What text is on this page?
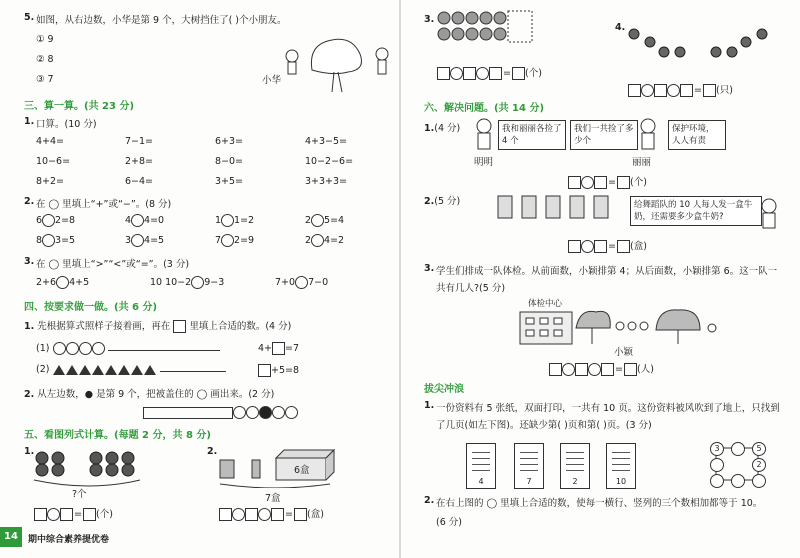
5. 如图，从右边数，小华是第 9 个，大树挡住了( )个小朋友。
① 9
② 8
③ 7	小华
三、算一算。(共 23 分)
1. 口算。(10 分)
4+4=	7−1=	6+3=	4+3−5=
10−6=	2+8=	8−0=	10−2−6=
8+2=	6−4=	3+5=	3+3+3=
2. 在 ◯ 里填上“+”或“−”。(8 分)
6 2=8	4 4=0	1 1=2	2 5=4
8 3=5	3 4=5	7 2=9	2 4=2
3. 在 ◯ 里填上“>”“<”或“=”。(3 分)
2+6 4+5	10 10−2 9−3	7+0 7−0
四、按要求做一做。(共 6 分)
1. 先根据算式照样子接着画，再在 里填上合适的数。(4 分)
(1)	4+ =7
(2)	+5=8
2. 从左边数，● 是第 9 个，把被盖住的 ◯ 画出来。(2 分)
五、看图列式计算。(每题 2 分，共 8 分)
1.
?个
= (个)
2.
6盒
7盒
= (盒)
14	期中综合素养提优卷
3.
= (个)
4.
= (只)
六、解决问题。(共 14 分)
1.(4 分)	我和丽丽各捡了 4 个
我们一共捡了多少个
保护环境，人人有责
明明	丽丽
= (个)
2.(5 分)	给舞蹈队的 10 人每人发一盒牛奶，还需要多少盒牛奶?
= (盒)
3. 学生们排成一队体检。从前面数，小颖排第 4；从后面数，小颖排第 6。这一队一共有几人?(5 分)
体检中心
小颖
= (人)
拔尖冲浪
1. 一份资料有 5 张纸，双面打印，一共有 10 页。这份资料被风吹到了地上，只找到了几页(如左下图)。还缺少第( )页和第( )页。(3 分)
4	7	2	10
3	5
2
2. 在右上图的 ◯ 里填上合适的数，使每一横行、竖列的三个数相加都等于 10。
(6 分)
